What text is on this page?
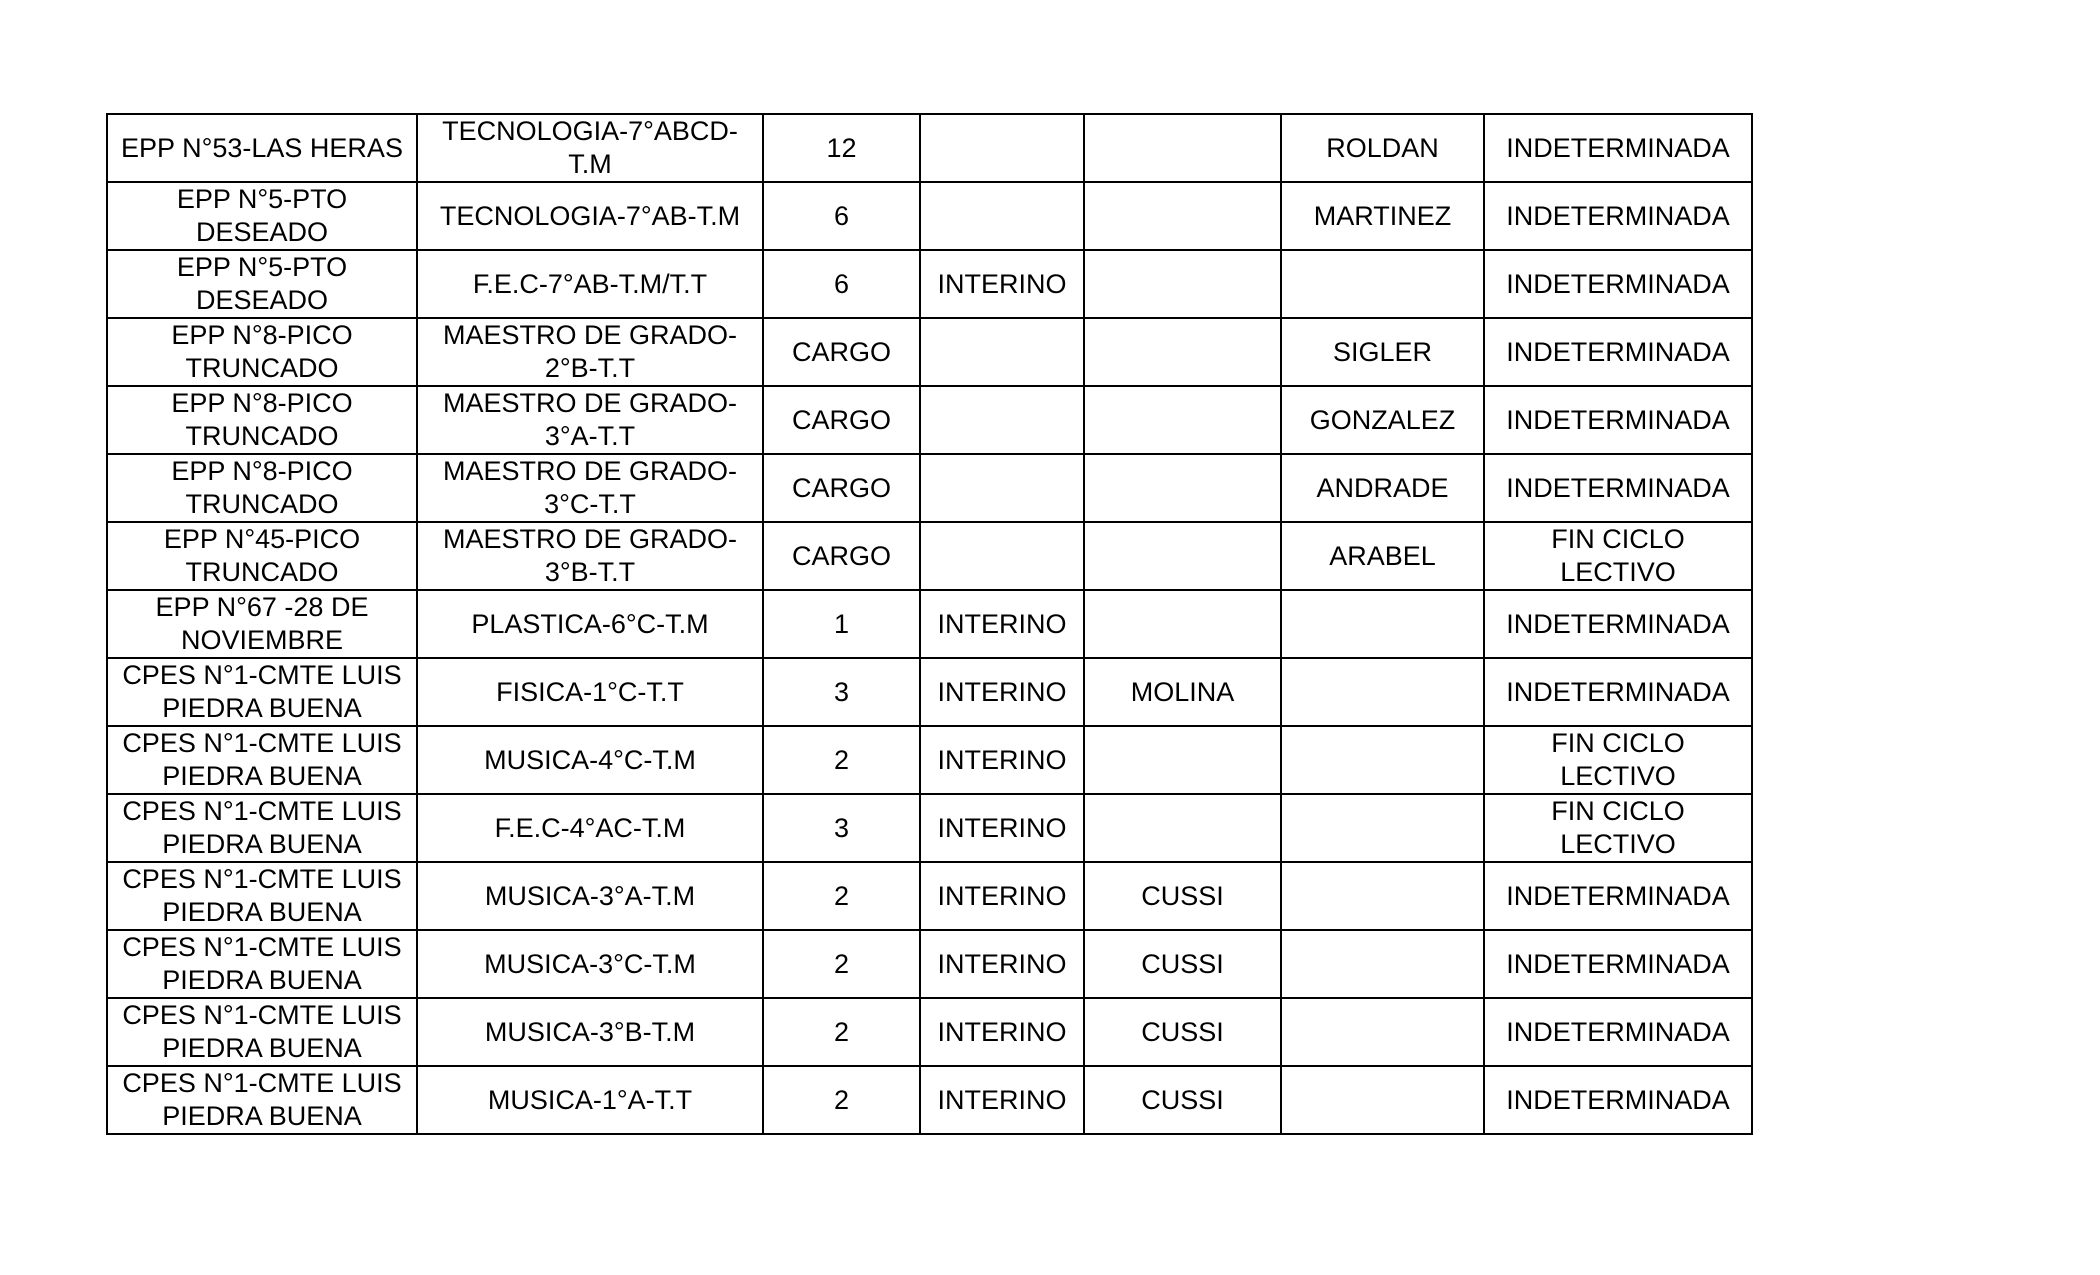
EPP N°53-LAS HERAS	TECNOLOGIA-7°ABCD-T.M	12			ROLDAN	INDETERMINADA
EPP N°5-PTO DESEADO	TECNOLOGIA-7°AB-T.M	6			MARTINEZ	INDETERMINADA
EPP N°5-PTO DESEADO	F.E.C-7°AB-T.M/T.T	6	INTERINO			INDETERMINADA
EPP N°8-PICO TRUNCADO	MAESTRO DE GRADO-2°B-T.T	CARGO			SIGLER	INDETERMINADA
EPP N°8-PICO TRUNCADO	MAESTRO DE GRADO-3°A-T.T	CARGO			GONZALEZ	INDETERMINADA
EPP N°8-PICO TRUNCADO	MAESTRO DE GRADO-3°C-T.T	CARGO			ANDRADE	INDETERMINADA
EPP N°45-PICO TRUNCADO	MAESTRO DE GRADO-3°B-T.T	CARGO			ARABEL	FIN CICLO LECTIVO
EPP N°67 -28 DE NOVIEMBRE	PLASTICA-6°C-T.M	1	INTERINO			INDETERMINADA
CPES N°1-CMTE LUIS PIEDRA BUENA	FISICA-1°C-T.T	3	INTERINO	MOLINA		INDETERMINADA
CPES N°1-CMTE LUIS PIEDRA BUENA	MUSICA-4°C-T.M	2	INTERINO			FIN CICLO LECTIVO
CPES N°1-CMTE LUIS PIEDRA BUENA	F.E.C-4°AC-T.M	3	INTERINO			FIN CICLO LECTIVO
CPES N°1-CMTE LUIS PIEDRA BUENA	MUSICA-3°A-T.M	2	INTERINO	CUSSI		INDETERMINADA
CPES N°1-CMTE LUIS PIEDRA BUENA	MUSICA-3°C-T.M	2	INTERINO	CUSSI		INDETERMINADA
CPES N°1-CMTE LUIS PIEDRA BUENA	MUSICA-3°B-T.M	2	INTERINO	CUSSI		INDETERMINADA
CPES N°1-CMTE LUIS PIEDRA BUENA	MUSICA-1°A-T.T	2	INTERINO	CUSSI		INDETERMINADA
